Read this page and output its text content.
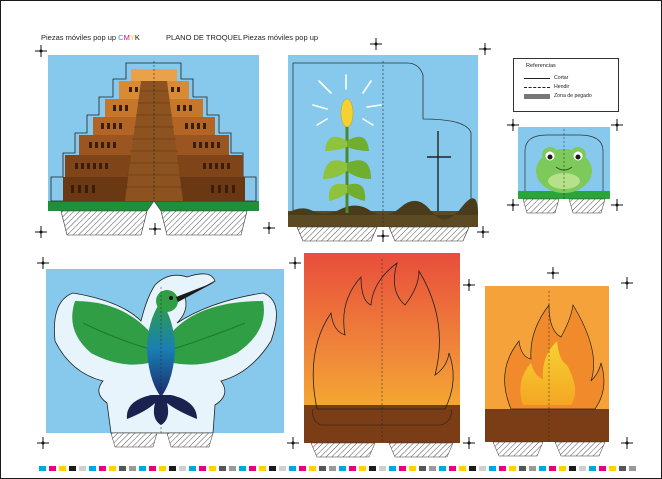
Piezas móviles pop up CMYK	PLANO DE TROQUEL Piezas móviles pop up
Referencias
Cortar
Hendir
Zona de pegado
